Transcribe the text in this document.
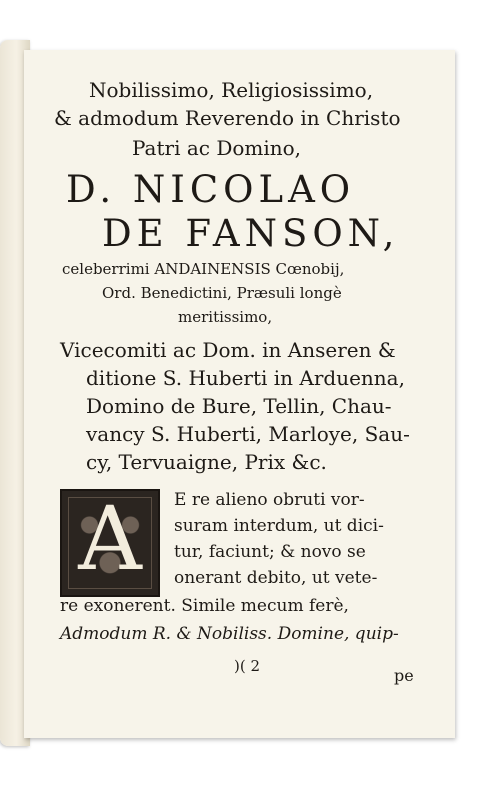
Nobilissimo, Religiosissimo,
& admodum Reverendo in Christo
Patri ac Domino,
D. NICOLAO
DE FANSON,
celeberrimi ANDAINENSIS Cœnobij,
Ord. Benedictini, Præsuli longè
meritissimo,
Vicecomiti ac Dom. in Anseren &
ditione S. Huberti in Arduenna,
Domino de Bure, Tellin, Chau-
vancy S. Huberti, Marloye, Sau-
cy, Tervuaigne, Prix &c.
A	E re alieno obruti vor-
suram interdum, ut dici-
tur, faciunt; & novo se
onerant debito, ut vete-
re exonerent. Simile mecum ferè,
Admodum R. & Nobiliss. Domine, quip-
)( 2	pe
